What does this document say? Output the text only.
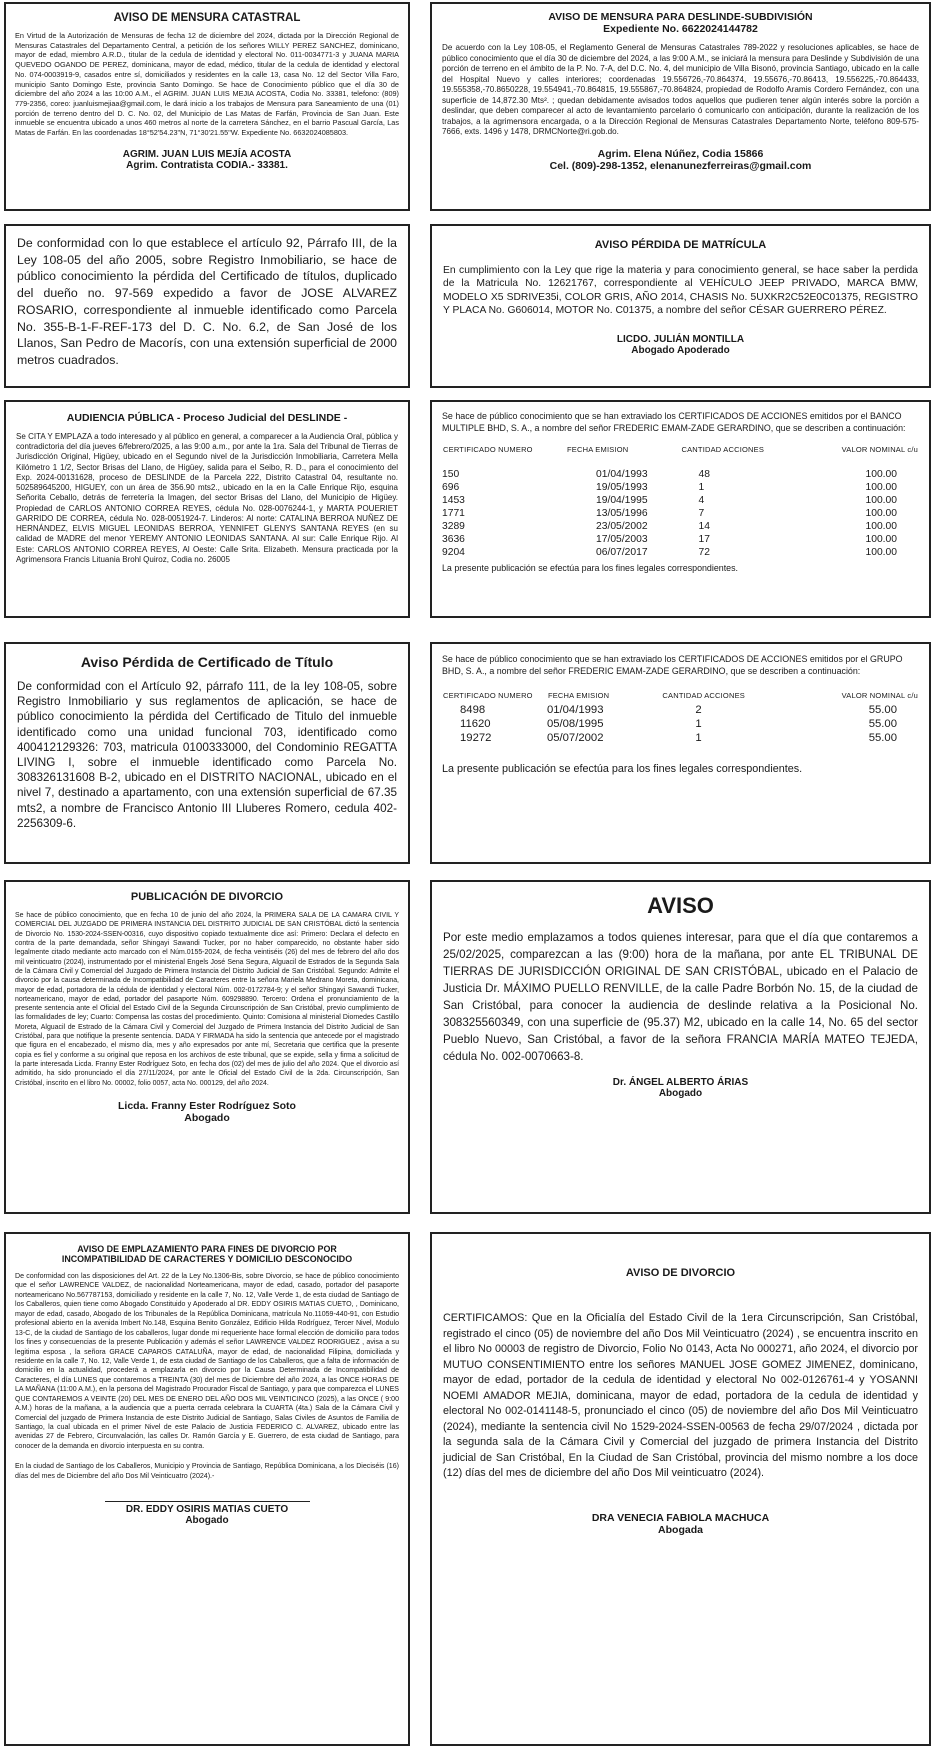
AVISO DE MENSURA CATASTRAL

En Virtud de la Autorización de Mensuras de fecha 12 de diciembre del 2024, dictada por la Dirección Regional de Mensuras Catastrales del Departamento Central, a petición de los señores WILLY PEREZ SANCHEZ, dominicano, mayor de edad, miembro A.R.D., titular de la cedula de identidad y electoral No. 011-0034771-3 y JUANA MARIA QUEVEDO OGANDO DE PEREZ, dominicana, mayor de edad, médico, titular de la cedula de identidad y electoral No. 074-0003919-9, casados entre sí, domiciliados y residentes en la calle 13, casa No. 12 del Sector Villa Faro, municipio Santo Domingo Este, provincia Santo Domingo. Se hace de Conocimiento público que el día 30 de diciembre del año 2024 a las 10:00 A.M., el AGRIM. JUAN LUIS MEJIA ACOSTA, Codia No. 33381, telefono: (809) 779-2356, coreo: juanluismejiaa@gmail.com, le dará inicio a los trabajos de Mensura para Saneamiento de una (01) porción de terreno dentro del D. C. No. 02, del Municipio de Las Matas de Farfán, Provincia de San Juan. Este inmueble se encuentra ubicado a unos 460 metros al norte de la carretera Sánchez, en el barrio Pascual García, Las Matas de Farfán. En las coordenadas 18°52'54.23"N, 71°30'21.55"W. Expediente No. 6632024085803.

AGRIM. JUAN LUIS MEJÍA ACOSTA
Agrim. Contratista CODIA.- 33381.
AVISO DE MENSURA PARA DESLINDE-SUBDIVISIÓN
Expediente No. 6622024144782

De acuerdo con la Ley 108-05, el Reglamento General de Mensuras Catastrales 789-2022 y resoluciones aplicables, se hace de público conocimiento que el día 30 de diciembre del 2024, a las 9:00 A.M., se iniciará la mensura para Deslinde y Subdivisión de una porción de terreno en el ámbito de la P. No. 7-A, del D.C. No. 4, del municipio de Villa Bisonó, provincia Santiago, ubicado en la calle del Hospital Nuevo y calles interiores; coordenadas 19.556726,-70.864374, 19.55676,-70.86413, 19.556225,-70.864433, 19.555358,-70.8650228, 19.554941,-70.864815, 19.555867,-70.864824, propiedad de Rodolfo Aramis Cordero Fernández, con una superficie de 14,872.30 Mts². ; quedan debidamente avisados todos aquellos que pudieren tener algún interés sobre la porción a deslindar, que deben comparecer al acto de levantamiento parcelario ó comunicarlo con anticipación, durante la realización de los trabajos, a la agrimensora encargada, o a la Dirección Regional de Mensuras Catastrales Departamento Norte, teléfono 809-575-7666, exts. 1496 y 1478, DRMCNorte@ri.gob.do.

Agrim. Elena Núñez, Codia 15866
Cel. (809)-298-1352, elenanunezferreiras@gmail.com

De conformidad con lo que establece el artículo 92, Párrafo III, de la Ley 108-05 del año 2005, sobre Registro Inmobiliario, se hace de público conocimiento la pérdida del Certificado de títulos, duplicado del dueño no. 97-569 expedido a favor de JOSE ALVAREZ ROSARIO, correspondiente al inmueble identificado como Parcela No. 355-B-1-F-REF-173 del D. C. No. 6.2, de San José de los Llanos, San Pedro de Macorís, con una extensión superficial de 2000 metros cuadrados.

AVISO PÉRDIDA DE MATRÍCULA

En cumplimiento con la Ley que rige la materia y para conocimiento general, se hace saber la perdida de la Matricula No. 12621767, correspondiente al VEHÍCULO JEEP PRIVADO, MARCA BMW, MODELO X5 SDRIVE35i, COLOR GRIS, AÑO 2014, CHASIS No. 5UXKR2C52E0C01375, REGISTRO Y PLACA No. G606014, MOTOR No. C01375, a nombre del señor CÉSAR GUERRERO PÉREZ.

LICDO. JULIÁN MONTILLA
Abogado Apoderado
AUDIENCIA PÚBLICA - Proceso Judicial del DESLINDE -

Se CITA Y EMPLAZA a todo interesado y al público en general, a comparecer a la Audiencia Oral, pública y contradictoria del día jueves 6/febrero/2025, a las 9:00 a.m., por ante la 1ra. Sala del Tribunal de Tierras de Jurisdicción Original, Higüey, ubicado en el Segundo nivel de la Jurisdicción Inmobiliaria, Carretera Mella Kilómetro 1 1/2, Sector Brisas del Llano, de Higüey, salida para el Seibo, R. D., para el conocimiento del Exp. 2024-00131628, proceso de DESLINDE de la Parcela 222, Distrito Catastral 04, resultante no. 502589645200, HIGUEY, con un área de 356.90 mts2., ubicado en la en la Calle Enrique Rijo, esquina Señorita Ceballo, detrás de ferretería la Imagen, del sector Brisas del Llano, del Municipio de Higüey. Propiedad de CARLOS ANTONIO CORREA REYES, cédula No. 028-0076244-1, y MARTA POUERIET GARRIDO DE CORREA, cédula No. 028-0051924-7. Linderos: Al norte: CATALINA BERROA NUÑEZ DE HERNÁNDEZ, ELVIS MIGUEL LEONIDAS BERROA, YENNIFET GLENYS SANTANA REYES (en su calidad de MADRE del menor YEREMY ANTONIO LEONIDAS SANTANA. Al sur: Calle Enrique Rijo. Al Este: CARLOS ANTONIO CORREA REYES, Al Oeste: Calle Srita. Elizabeth. Mensura practicada por la Agrimensora Francis Lituania Brohl Quiroz, Codia no. 26005

Se hace de público conocimiento que se han extraviado los CERTIFICADOS DE ACCIONES emitidos por el BANCO MULTIPLE BHD, S. A., a nombre del señor FREDERIC EMAM-ZADE GERARDINO, que se describen a continuación:

CERTIFICADO NUMERO	FECHA EMISION	CANTIDAD ACCIONES	VALOR NOMINAL c/u

150	01/04/1993	48	100.00
696	19/05/1993	1	100.00
1453	19/04/1995	4	100.00
1771	13/05/1996	7	100.00
3289	23/05/2002	14	100.00
3636	17/05/2003	17	100.00
9204	06/07/2017	72	100.00

La presente publicación se efectúa para los fines legales correspondientes.

Aviso Pérdida de Certificado de Título

De conformidad con el Artículo 92, párrafo 111, de la ley 108-05, sobre Registro Inmobiliario y sus reglamentos de aplicación, se hace de público conocimiento la pérdida del Certificado de Titulo del inmueble identificado como una unidad funcional 703, identificado como 400412129326: 703, matricula 0100333000, del Condominio REGATTA LIVING I, sobre el inmueble identificado como Parcela No. 308326131608 B-2, ubicado en el DISTRITO NACIONAL, ubicado en el nivel 7, destinado a apartamento, con una extensión superficial de 67.35 mts2, a nombre de Francisco Antonio III Lluberes Romero, cedula 402-2256309-6.

Se hace de público conocimiento que se han extraviado los CERTIFICADOS DE ACCIONES emitidos por el GRUPO BHD, S. A., a nombre del señor FREDERIC EMAM-ZADE GERARDINO, que se describen a continuación:

CERTIFICADO NUMERO	FECHA EMISION	CANTIDAD ACCIONES	VALOR NOMINAL c/u
8498	01/04/1993	2	55.00
11620	05/08/1995	1	55.00
19272	05/07/2002	1	55.00

La presente publicación se efectúa para los fines legales correspondientes.

PUBLICACIÓN DE DIVORCIO

Se hace de público conocimiento, que en fecha 10 de junio del año 2024, la PRIMERA SALA DE LA CAMARA CIVIL Y COMERCIAL DEL JUZGADO DE PRIMERA INSTANCIA DEL DISTRITO JUDICIAL DE SAN CRISTÓBAL dictó la sentencia de Divorcio No. 1530-2024-SSEN-00316, cuyo dispositivo copiado textualmente dice así: Primero: Declara el defecto en contra de la parte demandada, señor Shingayi Sawandi Tucker, por no haber comparecido, no obstante haber sido legalmente citado mediante acto marcado con el Núm.0155-2024, de fecha veintiséis (26) del mes de febrero del año dos mil veinticuatro (2024), instrumentado por el ministerial Engels José Sena Segura, Alguacil de Estrados de la Segunda Sala de la Cámara Civil y Comercial del Juzgado de Primera Instancia del Distrito Judicial de San Cristóbal. Segundo: Admite el divorcio por la causa determinada de Incompatibilidad de Caracteres entre la señora Mariela Medrano Moreta, dominicana, mayor de edad, portadora de la cédula de identidad y electoral Núm. 002-0172784-9; y el señor Shingayi Sawandi Tucker, norteamericano, mayor de edad, portador del pasaporte Núm. 609298890. Tercero: Ordena el pronunciamiento de la presente sentencia ante el Oficial del Estado Civil de la Segunda Circunscripción de San Cristóbal, previo cumplimiento de las formalidades de ley; Cuarto: Compensa las costas del procedimiento. Quinto: Comisiona al ministerial Diomedes Castillo Moreta, Alguacil de Estrado de la Cámara Civil y Comercial del Juzgado de Primera Instancia del Distrito Judicial de San Cristóbal, para que notifique la presente sentencia. DADA Y FIRMADA ha sido la sentencia que antecede por el magistrado que figura en el encabezado, el mismo día, mes y año expresados por ante mí, Secretaria que certifica que la presente copia es fiel y conforme a su original que reposa en los archivos de este tribunal, que se expide, sella y firma a solicitud de la parte interesada Licda. Franny Ester Rodríguez Soto, en fecha dos (02) del mes de julio del año 2024. Que el divorcio así admitido, ha sido pronunciado el día 27/11/2024, por ante le Oficial del Estado Civil de la 2da. Circunscripción, San Cristóbal, inscrito en el libro No. 00002, folio 0057, acta No. 000129, del año 2024.

Licda. Franny Ester Rodríguez Soto
Abogado
AVISO

Por este medio emplazamos a todos quienes interesar, para que el día que contaremos a 25/02/2025, comparezcan a las (9:00) hora de la mañana, por ante EL TRIBUNAL DE TIERRAS DE JURISDICCIÓN ORIGINAL DE SAN CRISTÓBAL, ubicado en el Palacio de Justicia Dr. MÁXIMO PUELLO RENVILLE, de la calle Padre Borbón No. 15, de la ciudad de San Cristóbal, para conocer la audiencia de deslinde relativa a la Posicional No. 308325560349, con una superficie de (95.37) M2, ubicado en la calle 14, No. 65 del sector Pueblo Nuevo, San Cristóbal, a favor de la señora FRANCIA MARÍA MATEO TEJEDA, cédula No. 002-0070663-8.

Dr. ÁNGEL ALBERTO ÁRIAS
Abogado
AVISO DE EMPLAZAMIENTO PARA FINES DE DIVORCIO POR
INCOMPATIBILIDAD DE CARACTERES Y DOMICILIO DESCONOCIDO

De conformidad con las disposiciones del Art. 22 de la Ley No.1306-Bis, sobre Divorcio, se hace de público conocimiento que el señor LAWRENCE VALDEZ, de nacionalidad Norteamericana, mayor de edad, casado, portador del pasaporte norteamericano No.567787153, domiciliado y residente en la calle 7, No. 12, Valle Verde 1, de esta ciudad de Santiago de los Caballeros, quien tiene como Abogado Constituido y Apoderado al DR. EDDY OSIRIS MATIAS CUETO, , Dominicano, mayor de edad, casado, Abogado de los Tribunales de la República Dominicana, matrícula No.11059-440-91, con Estudio profesional abierto en la avenida Imbert No.148, Esquina Benito González, Edificio Hilda Rodríguez, Tercer Nivel, Modulo 13-C, de la ciudad de Santiago de los caballeros, lugar donde mi requeriente hace formal elección de domicilio para todos los fines y consecuencias de la presente Publicación y además el señor LAWRENCE VALDEZ RODRIGUEZ , avisa a su legitima esposa , la señora GRACE CAPAROS CATALUÑA, mayor de edad, de nacionalidad Filipina, domiciliada y residente en la calle 7, No. 12, Valle Verde 1, de esta ciudad de Santiago de los Caballeros, que a falta de información de domicilio en la actualidad, procederá a emplazarla en divorcio por la Causa Determinada de Incompatibilidad de Caracteres, el día LUNES que contaremos a TREINTA (30) del mes de Diciembre del año 2024, a las ONCE HORAS DE LA MAÑANA (11:00 A.M.), en la persona del Magistrado Procurador Fiscal de Santiago, y para que comparezca el LUNES QUE CONTAREMOS A VEINTE (20) DEL MES DE ENERO DEL AÑO DOS MIL VEINTICINCO (2025), a las ONCE ( 9:00 A.M.) horas de la mañana, a la audiencia que a puerta cerrada celebrara la CUARTA (4ta.) Sala de la Cámara Civil y Comercial del juzgado de Primera Instancia de este Distrito Judicial de Santiago, Salas Civiles de Asuntos de Familia de Santiago, la cual ubicada en el primer Nivel de este Palacio de Justicia FEDERICO C. ALVAREZ, ubicado entre las avenidas 27 de Febrero, Circunvalación, las calles Dr. Ramón García y E. Guerrero, de esta ciudad de Santiago, para conocer de la demanda en divorcio interpuesta en su contra.

En la ciudad de Santiago de los Caballeros, Municipio y Provincia de Santiago, República Dominicana, a los Dieciséis (16) días del mes de Diciembre del año Dos Mil Veinticuatro (2024).-

DR. EDDY OSIRIS MATIAS CUETO
Abogado
AVISO DE DIVORCIO

CERTIFICAMOS: Que en la Oficialía del Estado Civil de la 1era Circunscripción, San Cristóbal, registrado el cinco (05) de noviembre del año Dos Mil Veinticuatro (2024) , se encuentra inscrito en el libro No 00003 de registro de Divorcio, Folio No 0143, Acta No 000271, año 2024, el divorcio por MUTUO CONSENTIMIENTO entre los señores MANUEL JOSE GOMEZ JIMENEZ, dominicano, mayor de edad, portador de la cedula de identidad y electoral No 002-0126761-4 y YOSANNI NOEMI AMADOR MEJIA, dominicana, mayor de edad, portadora de la cedula de identidad y electoral No 002-0141148-5, pronunciado el cinco (05) de noviembre del año Dos Mil Veinticuatro (2024), mediante la sentencia civil No 1529-2024-SSEN-00563 de fecha 29/07/2024 , dictada por la segunda sala de la Cámara Civil y Comercial del juzgado de primera Instancia del Distrito judicial de San Cristóbal, En la Ciudad de San Cristóbal, provincia del mismo nombre a los doce (12) días del mes de diciembre del año Dos Mil veinticuatro (2024).

DRA VENECIA FABIOLA MACHUCA
Abogada
